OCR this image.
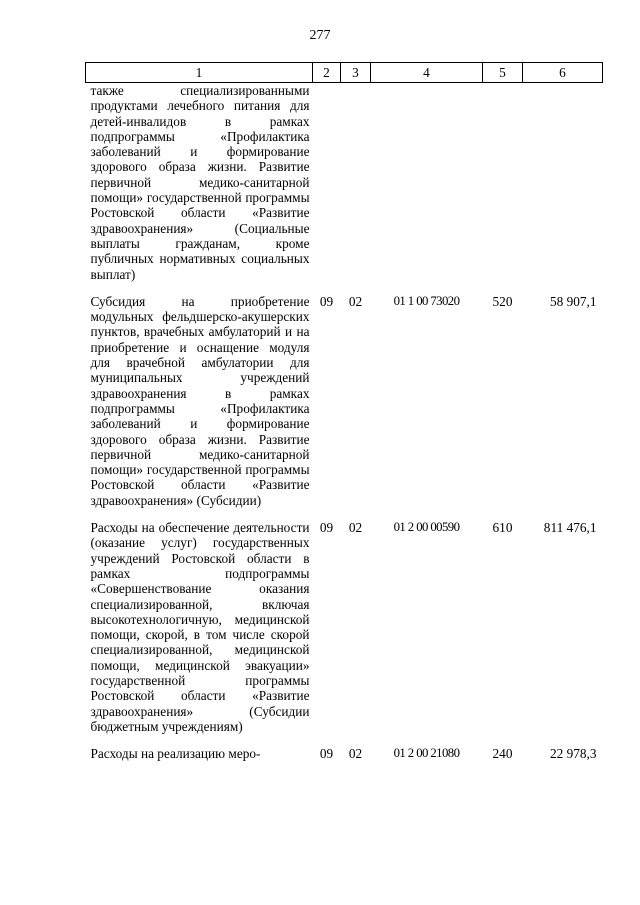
277
1	2	3	4	5	6
также специализированными продуктами лечебного питания для детей-инвалидов в рамках подпрограммы «Профилактика заболеваний и формирование здорового образа жизни. Развитие первичной медико-санитарной помощи» государственной программы Ростовской области «Развитие здравоохранения» (Социальные выплаты гражданам, кроме публичных нормативных социальных выплат)					
Субсидия на приобретение модульных фельдшерско-акушерских пунктов, врачебных амбулаторий и на приобретение и оснащение модуля для врачебной амбулатории для муниципальных учреждений здравоохранения в рамках подпрограммы «Профилактика заболеваний и формирование здорового образа жизни. Развитие первичной медико-санитарной помощи» государственной программы Ростовской области «Развитие здравоохранения» (Субсидии)	09	02	01 1 00 73020	520	58 907,1
Расходы на обеспечение деятельности (оказание услуг) государственных учреждений Ростовской области в рамках подпрограммы «Совершенствование оказания специализированной, включая высокотехнологичную, медицинской помощи, скорой, в том числе скорой специализированной, медицинской помощи, медицинской эвакуации» государственной программы Ростовской области «Развитие здравоохранения» (Субсидии бюджетным учреждениям)	09	02	01 2 00 00590	610	811 476,1
Расходы на реализацию меро-	09	02	01 2 00 21080	240	22 978,3
